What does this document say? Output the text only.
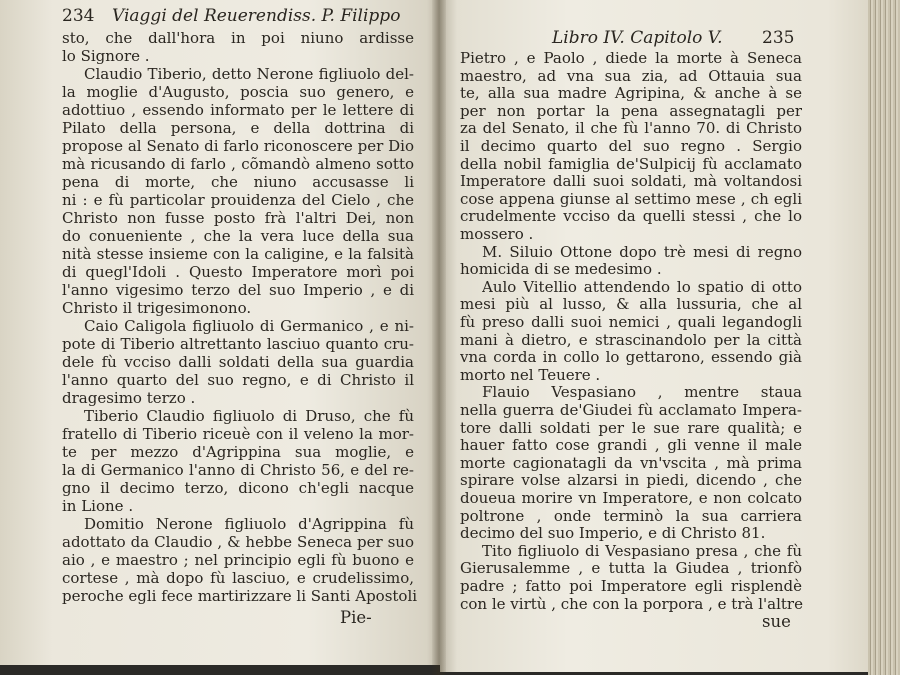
234 Viaggi del Reuerendiss. P. Filippo
Pie-
sto, che dall'hora in poi niuno ardisse
lo Signore .
Claudio Tiberio, detto Nerone figliuolo del-
la moglie d'Augusto, poscia suo genero, e
adottiuo , essendo informato per le lettere di
Pilato della persona, e della dottrina di
propose al Senato di farlo riconoscere per Dio
mà ricusando di farlo , cõmandò almeno sotto
pena di morte, che niuno accusasse li
ni : e fù particolar prouidenza del Cielo , che
Christo non fusse posto frà l'altri Dei, non
do conueniente , che la vera luce della sua
nità stesse insieme con la caligine, e la falsità
di quegl'Idoli . Questo Imperatore morì poi
l'anno vigesimo terzo del suo Imperio , e di
Christo il trigesimonono.
Caio Caligola figliuolo di Germanico , e ni-
pote di Tiberio altrettanto lasciuo quanto cru-
dele fù vcciso dalli soldati della sua guardia
l'anno quarto del suo regno, e di Christo il
dragesimo terzo .
Tiberio Claudio figliuolo di Druso, che fù
fratello di Tiberio riceuè con il veleno la mor-
te per mezzo d'Agrippina sua moglie, e
la di Germanico l'anno di Christo 56, e del re-
gno il decimo terzo, dicono ch'egli nacque
in Lione .
Domitio Nerone figliuolo d'Agrippina fù
adottato da Claudio , & hebbe Seneca per suo
aio , e maestro ; nel principio egli fù buono e
cortese , mà dopo fù lasciuo, e crudelissimo,
peroche egli fece martirizzare li Santi Apostoli
Libro IV. Capitolo V. 235
sue
Pietro , e Paolo , diede la morte à Seneca
maestro, ad vna sua zia, ad Ottauia sua
te, alla sua madre Agripina, & anche à se
per non portar la pena assegnatagli per
za del Senato, il che fù l'anno 70. di Christo
il decimo quarto del suo regno . Sergio
della nobil famiglia de'Sulpicij fù acclamato
Imperatore dalli suoi soldati, mà voltandosi
cose appena giunse al settimo mese , ch egli
crudelmente vcciso da quelli stessi , che lo
mossero .
M. Siluio Ottone dopo trè mesi di regno
homicida di se medesimo .
Aulo Vitellio attendendo lo spatio di otto
mesi più al lusso, & alla lussuria, che al
fù preso dalli suoi nemici , quali legandogli
mani à dietro, e strascinandolo per la città
vna corda in collo lo gettarono, essendo già
morto nel Teuere .
Flauio Vespasiano , mentre staua
nella guerra de'Giudei fù acclamato Impera-
tore dalli soldati per le sue rare qualità; e
hauer fatto cose grandi , gli venne il male
morte cagionatagli da vn'vscita , mà prima
spirare volse alzarsi in piedi, dicendo , che
doueua morire vn Imperatore, e non colcato
poltrone , onde terminò la sua carriera
decimo del suo Imperio, e di Christo 81.
Tito figliuolo di Vespasiano presa , che fù
Gierusalemme , e tutta la Giudea , trionfò
padre ; fatto poi Imperatore egli risplendè
con le virtù , che con la porpora , e trà l'altre
